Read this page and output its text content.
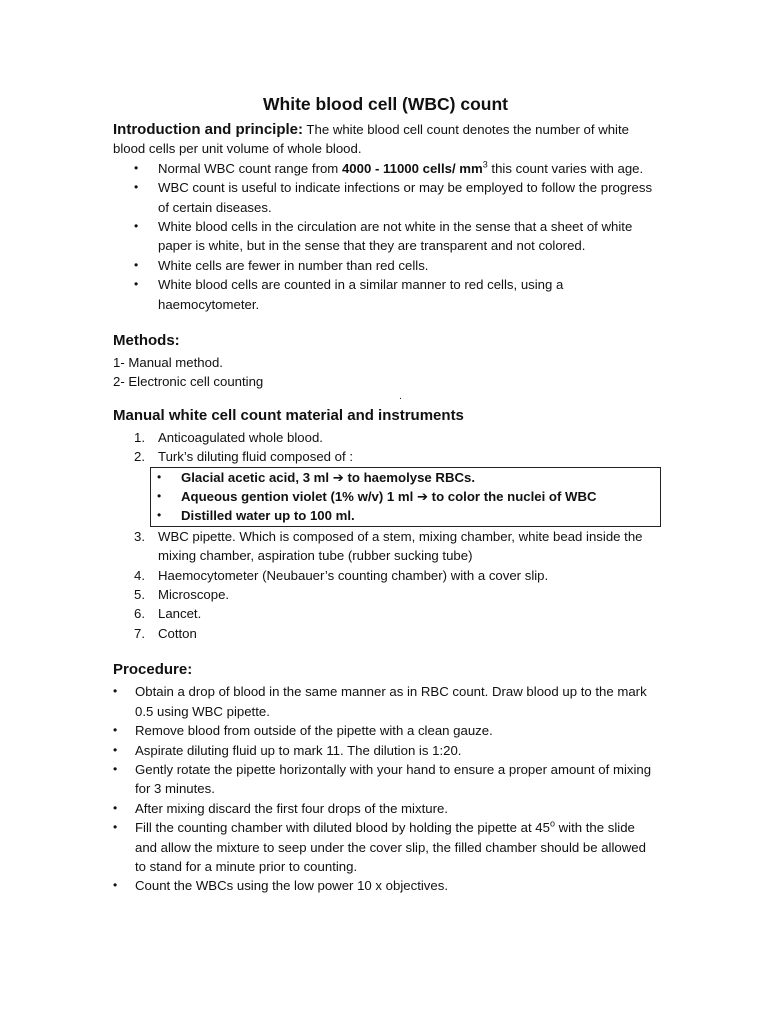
White blood cell (WBC) count

Introduction and principle: The white blood cell count denotes the number of white blood cells per unit volume of whole blood.

• Normal WBC count range from 4000 - 11000 cells/ $mm^3$ this count varies with age.
• WBC count is useful to indicate infections or may be employed to follow the progress of certain diseases.
• White blood cells in the circulation are not white in the sense that a sheet of white paper is white, but in the sense that they are transparent and not colored.
• White cells are fewer in number than red cells.
• White blood cells are counted in a similar manner to red cells, using a haemocytometer.
Methods:

1- Manual method.

2- Electronic cell counting

.
Manual white cell count material and instruments
1. Anticoagulated whole blood.
2. Turk’s diluting fluid composed of :
• Glacial acetic acid, 3 ml ➔ to haemolyse RBCs.
• Aqueous gention violet (1% w/v) 1 ml ➔ to color the nuclei of WBC
• Distilled water up to 100 ml.
3. WBC pipette. Which is composed of a stem, mixing chamber, white bead inside the mixing chamber, aspiration tube (rubber sucking tube)
4. Haemocytometer (Neubauer’s counting chamber) with a cover slip.
5. Microscope.
6. Lancet.
7. Cotton
Procedure:
• Obtain a drop of blood in the same manner as in RBC count. Draw blood up to the mark 0.5 using WBC pipette.
• Remove blood from outside of the pipette with a clean gauze.
• Aspirate diluting fluid up to mark 11. The dilution is 1:20.
• Gently rotate the pipette horizontally with your hand to ensure a proper amount of mixing for 3 minutes.
• After mixing discard the first four drops of the mixture.
• Fill the counting chamber with diluted blood by holding the pipette at 45$^o$ with the slide and allow the mixture to seep under the cover slip, the filled chamber should be allowed to stand for a minute prior to counting.
• Count the WBCs using the low power 10 x objectives.
